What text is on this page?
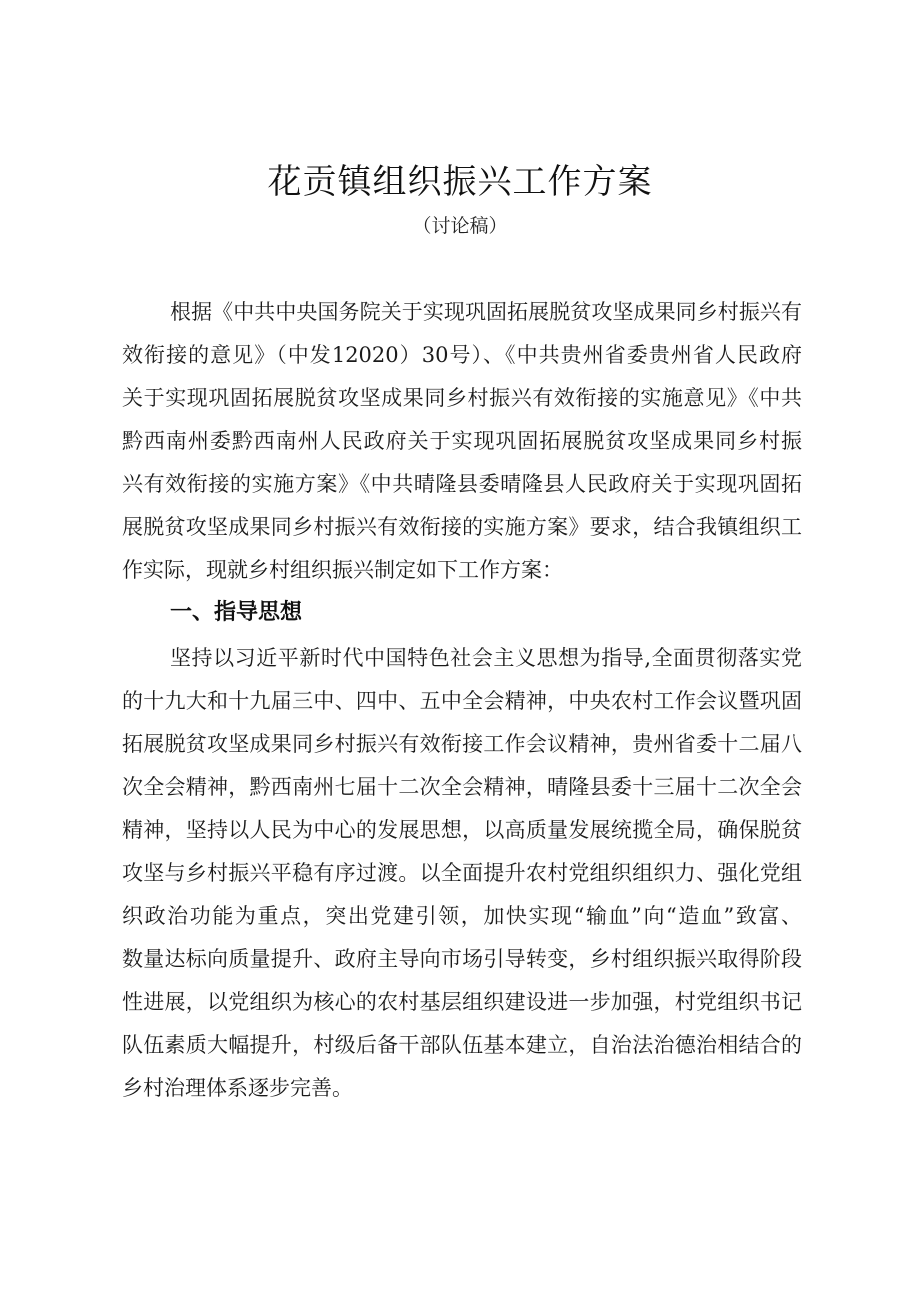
花贡镇组织振兴工作方案
（讨论稿）
根据《中共中央国务院关于实现巩固拓展脱贫攻坚成果同乡村振兴有
效衔接的意见》（中发12020）30号）、《中共贵州省委贵州省人民政府
关于实现巩固拓展脱贫攻坚成果同乡村振兴有效衔接的实施意见》《中共
黔西南州委黔西南州人民政府关于实现巩固拓展脱贫攻坚成果同乡村振
兴有效衔接的实施方案》《中共晴隆县委晴隆县人民政府关于实现巩固拓
展脱贫攻坚成果同乡村振兴有效衔接的实施方案》要求，结合我镇组织工
作实际，现就乡村组织振兴制定如下工作方案：
一、指导思想
坚持以习近平新时代中国特色社会主义思想为指导,全面贯彻落实党
的十九大和十九届三中、四中、五中全会精神，中央农村工作会议暨巩固
拓展脱贫攻坚成果同乡村振兴有效衔接工作会议精神，贵州省委十二届八
次全会精神，黔西南州七届十二次全会精神，晴隆县委十三届十二次全会
精神，坚持以人民为中心的发展思想，以高质量发展统揽全局，确保脱贫
攻坚与乡村振兴平稳有序过渡。以全面提升农村党组织组织力、强化党组
织政治功能为重点，突出党建引领，加快实现“输血”向“造血”致富、
数量达标向质量提升、政府主导向市场引导转变，乡村组织振兴取得阶段
性进展，以党组织为核心的农村基层组织建设进一步加强，村党组织书记
队伍素质大幅提升，村级后备干部队伍基本建立，自治法治德治相结合的
乡村治理体系逐步完善。
